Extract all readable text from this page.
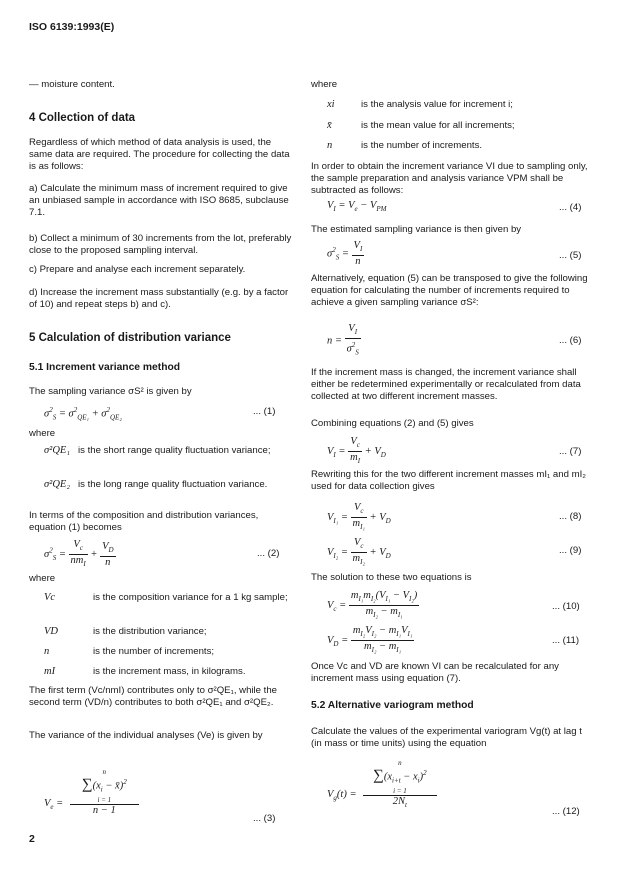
ISO 6139:1993(E)
— moisture content.
4 Collection of data
Regardless of which method of data analysis is used, the same data are required. The procedure for collecting the data is as follows:
a) Calculate the minimum mass of increment required to give an unbiased sample in accordance with ISO 8685, subclause 7.1.
b) Collect a minimum of 30 increments from the lot, preferably close to the proposed sampling interval.
c) Prepare and analyse each increment separately.
d) Increase the increment mass substantially (e.g. by a factor of 10) and repeat steps b) and c).
5 Calculation of distribution variance
5.1 Increment variance method
The sampling variance σS² is given by
$\sigma^2_S = \sigma^2_{QE_1} + \sigma^2_{QE_2}$
... (1)
where
σ²QE₁ is the short range quality fluctuation variance;
σ²QE₂ is the long range quality fluctuation variance.
In terms of the composition and distribution variances, equation (1) becomes
$\sigma^2_S = \frac{V_c}{nm_I} + \frac{V_D}{n}$	... (2)
where
Vc	is the composition variance for a 1 kg sample;
VD	is the distribution variance;
n	is the number of increments;
mI	is the increment mass, in kilograms.
The first term (Vc/nmI) contributes only to σ²QE₁, while the second term (VD/n) contributes to both σ²QE₁ and σ²QE₂.
The variance of the individual analyses (Ve) is given by
$V_e = n$
$\sum(x_i$ − x̄)$^2$
i = 1
n − 1
... (3)
2
where
xi	is the analysis value for increment i;
x̄	is the mean value for all increments;
n	is the number of increments.
In order to obtain the increment variance VI due to sampling only, the sample preparation and analysis variance VPM shall be subtracted as follows:
$V_I = V_e - V_{PM}$	... (4)
The estimated sampling variance is then given by
$\sigma^2_S = \frac{V_I}{n}$	... (5)
Alternatively, equation (5) can be transposed to give the following equation for calculating the number of increments required to achieve a given sampling variance σS²:
$n = \frac{V_I}{\sigma^2_S}$	... (6)
If the increment mass is changed, the increment variance shall either be redetermined experimentally or recalculated from data collected at two different increment masses.
Combining equations (2) and (5) gives
$V_I = \frac{V_c}{m_I} + V_D$	... (7)
Rewriting this for the two different increment masses mI₁ and mI₂ used for data collection gives
$V_{I_1} = \frac{V_c}{m_{I_1}} + V_D$	... (8)
$V_{I_2} = \frac{V_c}{m_{I_2}} + V_D$
... (9)
The solution to these two equations is
$V_c = \frac{m_{I_1}m_{I_2}(V_{I_1} - V_{I_2})}{m_{I_2} - m_{I_1}}$	... (10)
$V_D = \frac{m_{I_2}V_{I_2} - m_{I_1}V_{I_1}}{m_{I_2} - m_{I_1}}$	... (11)
Once Vc and VD are known VI can be recalculated for any increment mass using equation (7).
5.2 Alternative variogram method
Calculate the values of the experimental variogram Vg(t) at lag t (in mass or time units) using the equation
$V_g(t) = n$
$\sum(x_{i+t} - x_i)^2$
i = 1
$2N_t$
... (12)
